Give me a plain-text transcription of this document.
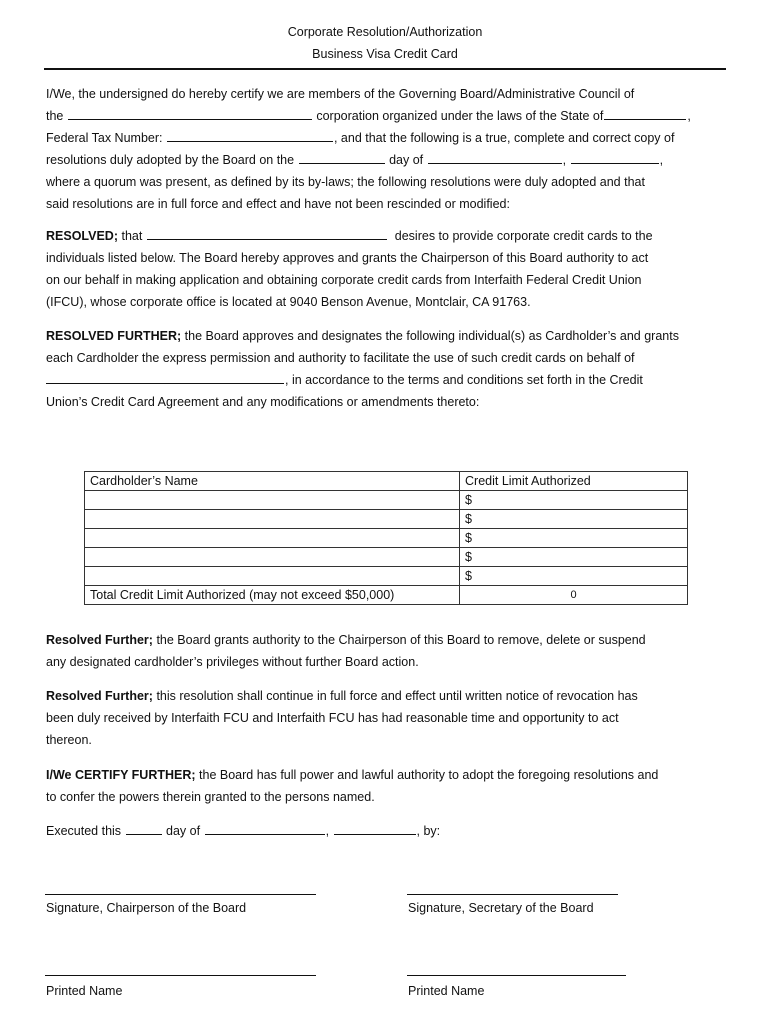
Corporate Resolution/Authorization
Business Visa Credit Card
I/We, the undersigned do hereby certify we are members of the Governing Board/Administrative Council of
the	corporation organized under the laws of the State of	,
Federal Tax Number:	, and that the following is a true, complete and correct copy of
resolutions duly adopted by the Board on the	day of	,	,
where a quorum was present, as defined by its by-laws; the following resolutions were duly adopted and that
said resolutions are in full force and effect and have not been rescinded or modified:
RESOLVED; that	desires to provide corporate credit cards to the
individuals listed below. The Board hereby approves and grants the Chairperson of this Board authority to act
on our behalf in making application and obtaining corporate credit cards from Interfaith Federal Credit Union
(IFCU), whose corporate office is located at 9040 Benson Avenue, Montclair, CA 91763.
RESOLVED FURTHER; the Board approves and designates the following individual(s) as Cardholder’s and grants
each Cardholder the express permission and authority to facilitate the use of such credit cards on behalf of
, in accordance to the terms and conditions set forth in the Credit
Union’s Credit Card Agreement and any modifications or amendments thereto:
Cardholder’s Name	Credit Limit Authorized
	$
	$
	$
	$
	$
Total Credit Limit Authorized (may not exceed $50,000)	0
Resolved Further; the Board grants authority to the Chairperson of this Board to remove, delete or suspend
any designated cardholder’s privileges without further Board action.
Resolved Further; this resolution shall continue in full force and effect until written notice of revocation has
been duly received by Interfaith FCU and Interfaith FCU has had reasonable time and opportunity to act
thereon.
I/We CERTIFY FURTHER; the Board has full power and lawful authority to adopt the foregoing resolutions and
to confer the powers therein granted to the persons named.
Executed this	day of	,	, by:
Signature, Chairperson of the Board	Signature, Secretary of the Board
Printed Name	Printed Name
